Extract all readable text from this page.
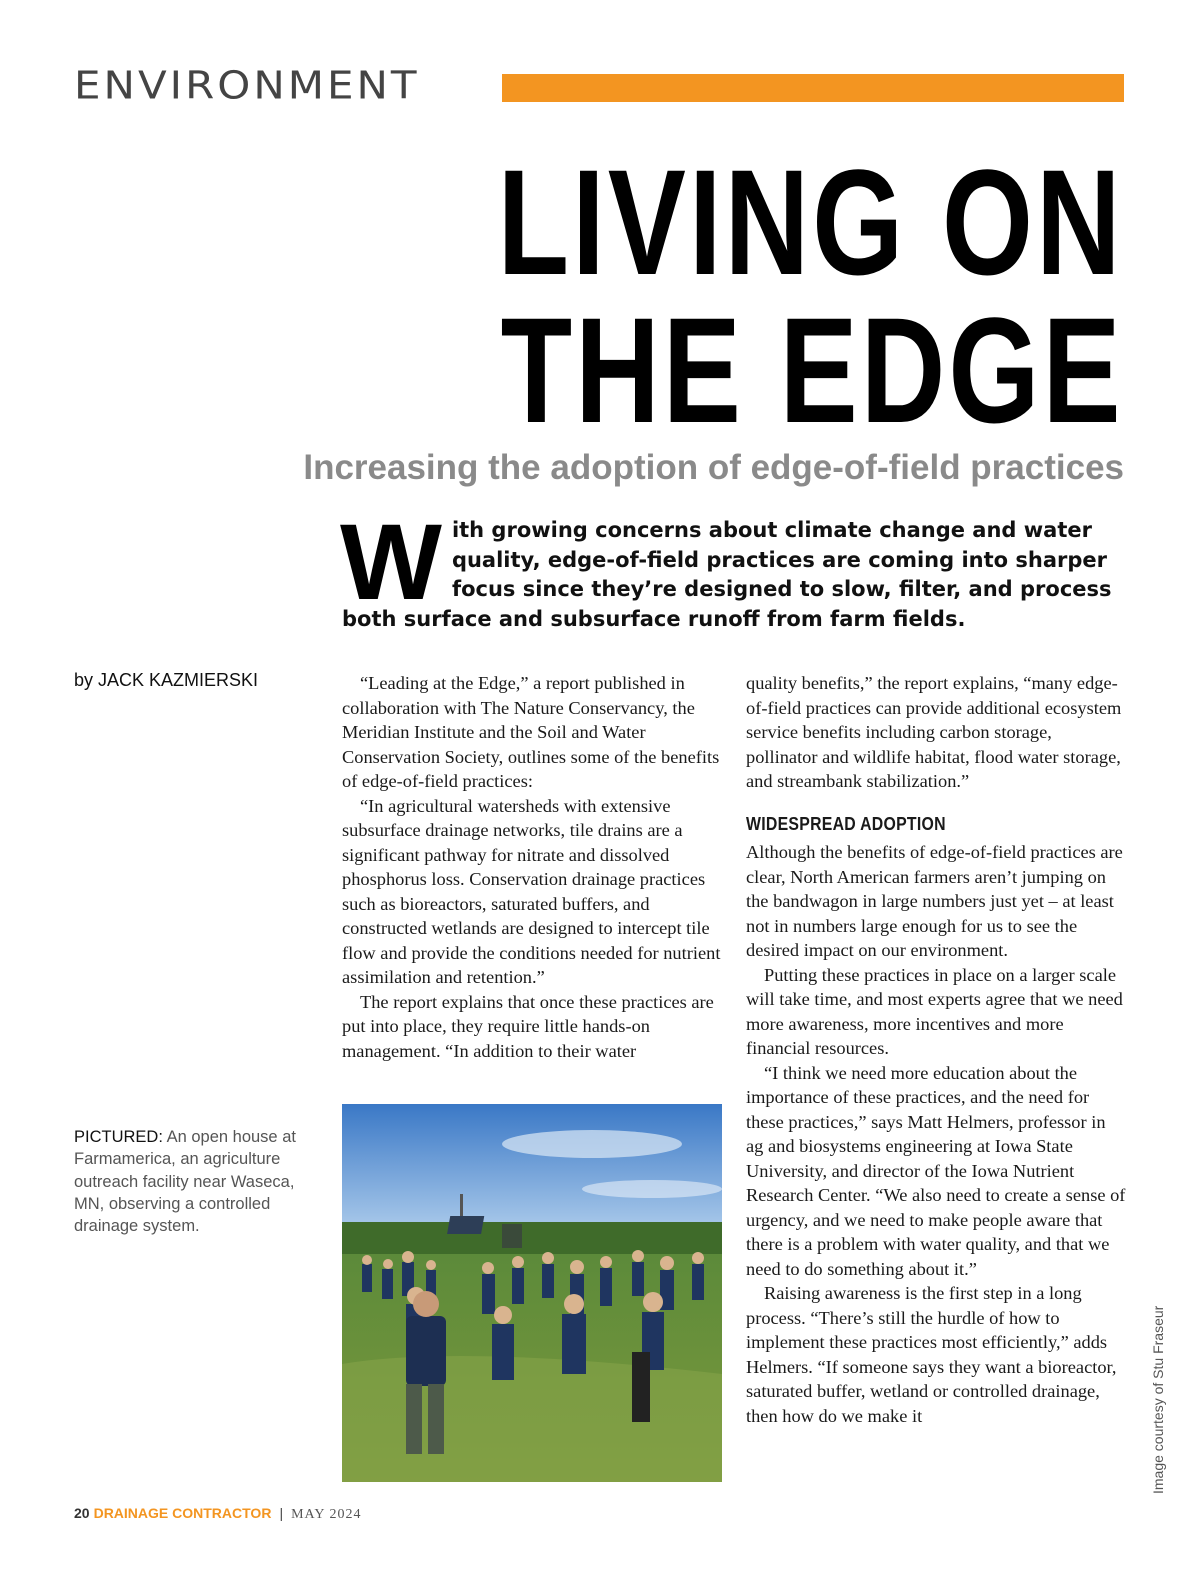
ENVIRONMENT
LIVING ON
THE EDGE
Increasing the adoption of edge-of-field practices
W ith growing concerns about climate change and water quality, edge-of-field practices are coming into sharper focus since they’re designed to slow, filter, and process both surface and subsurface runoff from farm fields.
by JACK KAZMIERSKI	“Leading at the Edge,” a report published in collaboration with The Nature Conservancy, the Meridian Institute and the Soil and Water Conservation Society, outlines some of the benefits of edge-of-field practices:

“In agricultural watersheds with extensive subsurface drainage networks, tile drains are a significant pathway for nitrate and dissolved phosphorus loss. Conservation drainage practices such as bioreactors, saturated buffers, and constructed wetlands are designed to intercept tile flow and provide the conditions needed for nutrient assimilation and retention.”

The report explains that once these practices are put into place, they require little hands-on management. “In addition to their water

quality benefits,” the report explains, “many edge-of-field practices can provide additional ecosystem service benefits including carbon storage, pollinator and wildlife habitat, flood water storage, and streambank stabilization.”

WIDESPREAD ADOPTION

Although the benefits of edge-of-field practices are clear, North American farmers aren’t jumping on the bandwagon in large numbers just yet – at least not in numbers large enough for us to see the desired impact on our environment.

Putting these practices in place on a larger scale will take time, and most experts agree that we need more awareness, more incentives and more financial resources.

“I think we need more education about the importance of these practices, and the need for these practices,” says Matt Helmers, professor in ag and biosystems engineering at Iowa State University, and director of the Iowa Nutrient Research Center. “We also need to create a sense of urgency, and we need to make people aware that there is a problem with water quality, and that we need to do something about it.”

Raising awareness is the first step in a long process. “There’s still the hurdle of how to implement these practices most efficiently,” adds Helmers. “If someone says they want a bioreactor, saturated buffer, wetland or controlled drainage, then how do we make it

PICTURED: An open house at Farmamerica, an agriculture outreach facility near Waseca, MN, observing a controlled drainage system.
Image courtesy of Stu Fraseur
20 DRAINAGE CONTRACTOR | MAY 2024
